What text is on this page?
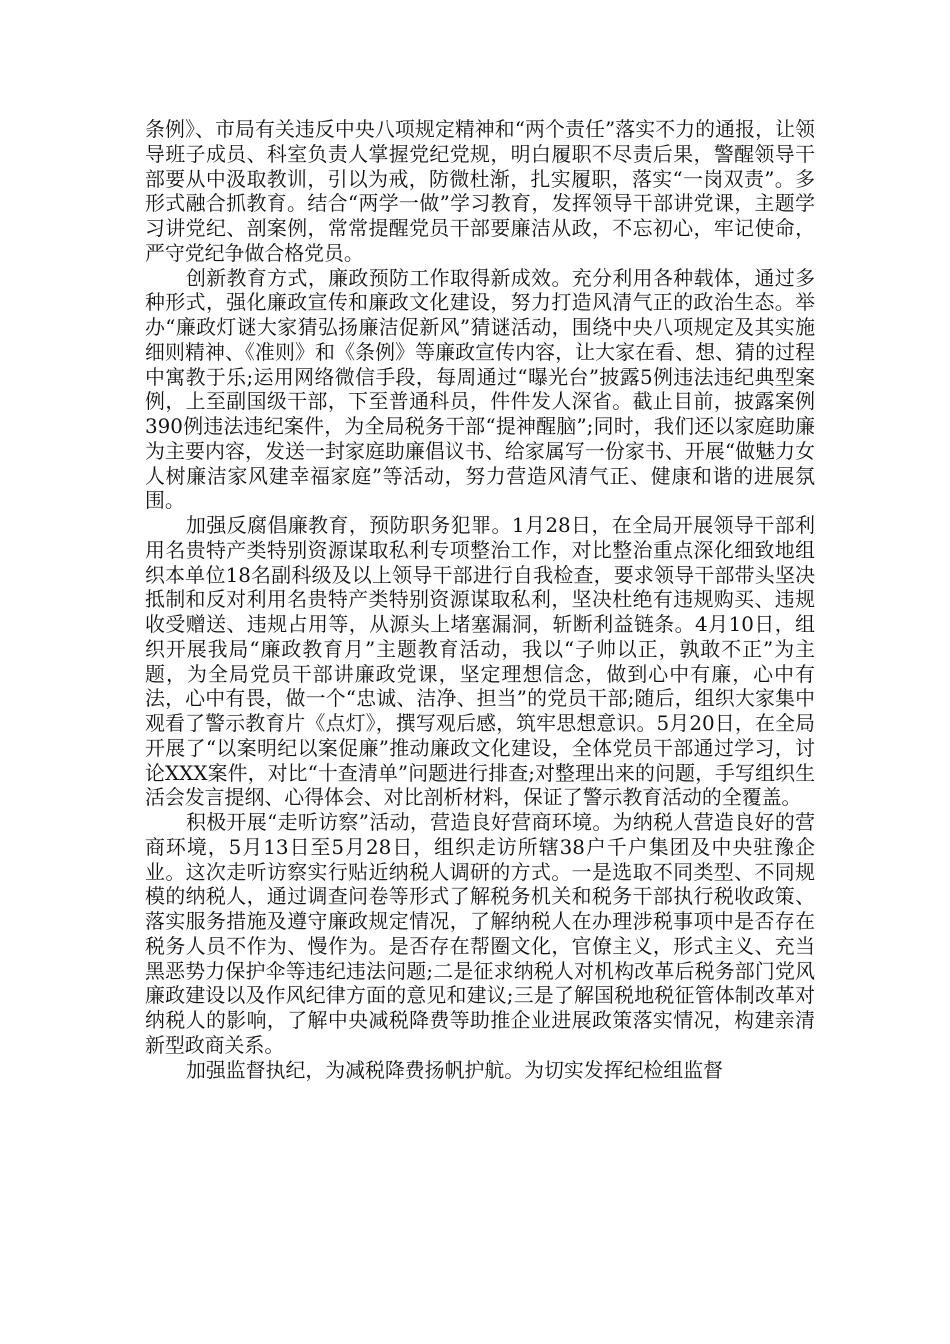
条例》、市局有关违反中央八项规定精神和“两个责任”落实不力的通报，让领导班子成员、科室负责人掌握党纪党规，明白履职不尽责后果，警醒领导干部要从中汲取教训，引以为戒，防微杜渐，扎实履职，落实“一岗双责”。多形式融合抓教育。结合“两学一做”学习教育，发挥领导干部讲党课，主题学习讲党纪、剖案例，常常提醒党员干部要廉洁从政，不忘初心，牢记使命，严守党纪争做合格党员。

创新教育方式，廉政预防工作取得新成效。充分利用各种载体，通过多种形式，强化廉政宣传和廉政文化建设，努力打造风清气正的政治生态。举办“廉政灯谜大家猜弘扬廉洁促新风”猜谜活动，围绕中央八项规定及其实施细则精神、《准则》和《条例》等廉政宣传内容，让大家在看、想、猜的过程中寓教于乐;运用网络微信手段，每周通过“曝光台”披露5例违法违纪典型案例，上至副国级干部，下至普通科员，件件发人深省。截止目前，披露案例390例违法违纪案件，为全局税务干部“提神醒脑”;同时，我们还以家庭助廉为主要内容，发送一封家庭助廉倡议书、给家属写一份家书、开展“做魅力女人树廉洁家风建幸福家庭”等活动，努力营造风清气正、健康和谐的进展氛围。

加强反腐倡廉教育，预防职务犯罪。1月28日，在全局开展领导干部利用名贵特产类特别资源谋取私利专项整治工作，对比整治重点深化细致地组织本单位18名副科级及以上领导干部进行自我检查，要求领导干部带头坚决抵制和反对利用名贵特产类特别资源谋取私利，坚决杜绝有违规购买、违规收受赠送、违规占用等，从源头上堵塞漏洞，斩断利益链条。4月10日，组织开展我局“廉政教育月”主题教育活动，我以“子帅以正，孰敢不正”为主题，为全局党员干部讲廉政党课，坚定理想信念，做到心中有廉，心中有法，心中有畏，做一个“忠诚、洁净、担当”的党员干部;随后，组织大家集中观看了警示教育片《点灯》，撰写观后感，筑牢思想意识。5月20日，在全局开展了“以案明纪以案促廉”推动廉政文化建设，全体党员干部通过学习，讨论XXX案件，对比“十查清单”问题进行排查;对整理出来的问题，手写组织生活会发言提纲、心得体会、对比剖析材料，保证了警示教育活动的全覆盖。

积极开展“走听访察”活动，营造良好营商环境。为纳税人营造良好的营商环境，5月13日至5月28日，组织走访所辖38户千户集团及中央驻豫企业。这次走听访察实行贴近纳税人调研的方式。一是选取不同类型、不同规模的纳税人，通过调查问卷等形式了解税务机关和税务干部执行税收政策、落实服务措施及遵守廉政规定情况，了解纳税人在办理涉税事项中是否存在税务人员不作为、慢作为。是否存在帮圈文化，官僚主义，形式主义、充当黑恶势力保护伞等违纪违法问题;二是征求纳税人对机构改革后税务部门党风廉政建设以及作风纪律方面的意见和建议;三是了解国税地税征管体制改革对纳税人的影响，了解中央减税降费等助推企业进展政策落实情况，构建亲清新型政商关系。

加强监督执纪，为减税降费扬帆护航。为切实发挥纪检组监督
